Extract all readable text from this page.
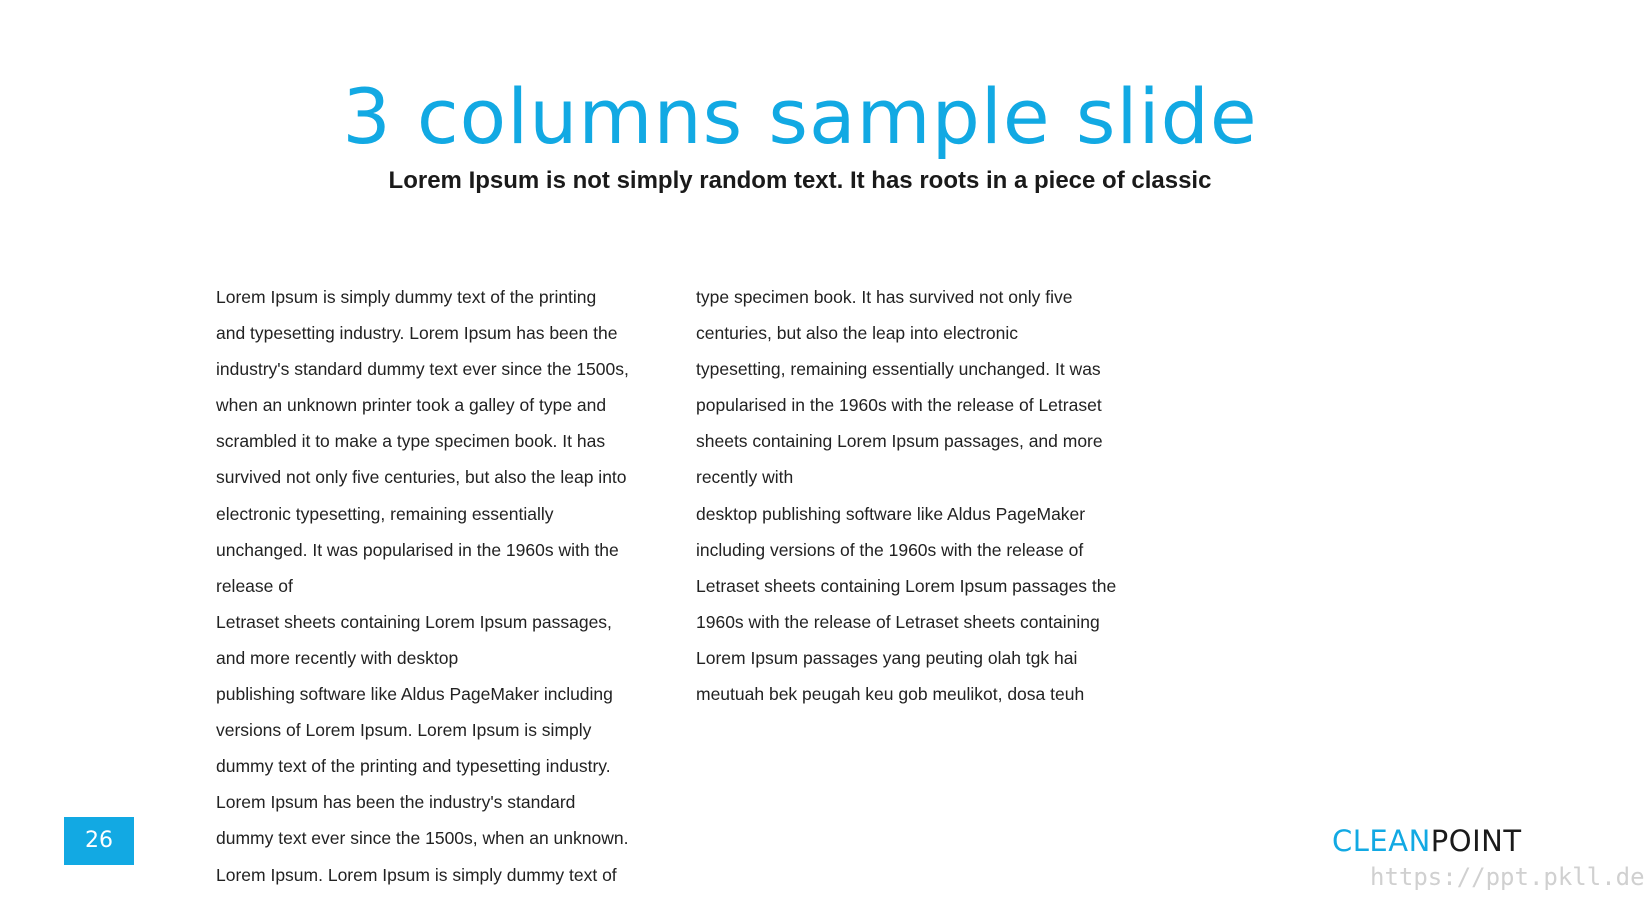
3 columns sample slide
Lorem Ipsum is not simply random text. It has roots in a piece of classic
Lorem Ipsum is simply dummy text of the printing
and typesetting industry. Lorem Ipsum has been the
industry's standard dummy text ever since the 1500s,
when an unknown printer took a galley of type and
scrambled it to make a type specimen book. It has
survived not only five centuries, but also the leap into
electronic typesetting, remaining essentially
unchanged. It was popularised in the 1960s with the
release of
Letraset sheets containing Lorem Ipsum passages,
and more recently with desktop
publishing software like Aldus PageMaker including
versions of Lorem Ipsum. Lorem Ipsum is simply
dummy text of the printing and typesetting industry.
Lorem Ipsum has been the industry's standard
dummy text ever since the 1500s, when an unknown.
Lorem Ipsum. Lorem Ipsum is simply dummy text of
type specimen book. It has survived not only five
centuries, but also the leap into electronic
typesetting, remaining essentially unchanged. It was
popularised in the 1960s with the release of Letraset
sheets containing Lorem Ipsum passages, and more
recently with
desktop publishing software like Aldus PageMaker
including versions of the 1960s with the release of
Letraset sheets containing Lorem Ipsum passages the
1960s with the release of Letraset sheets containing
Lorem Ipsum passages yang peuting olah tgk hai
meutuah bek peugah keu gob meulikot, dosa teuh
26	CLEANPOINT
https://ppt.pkll.de
